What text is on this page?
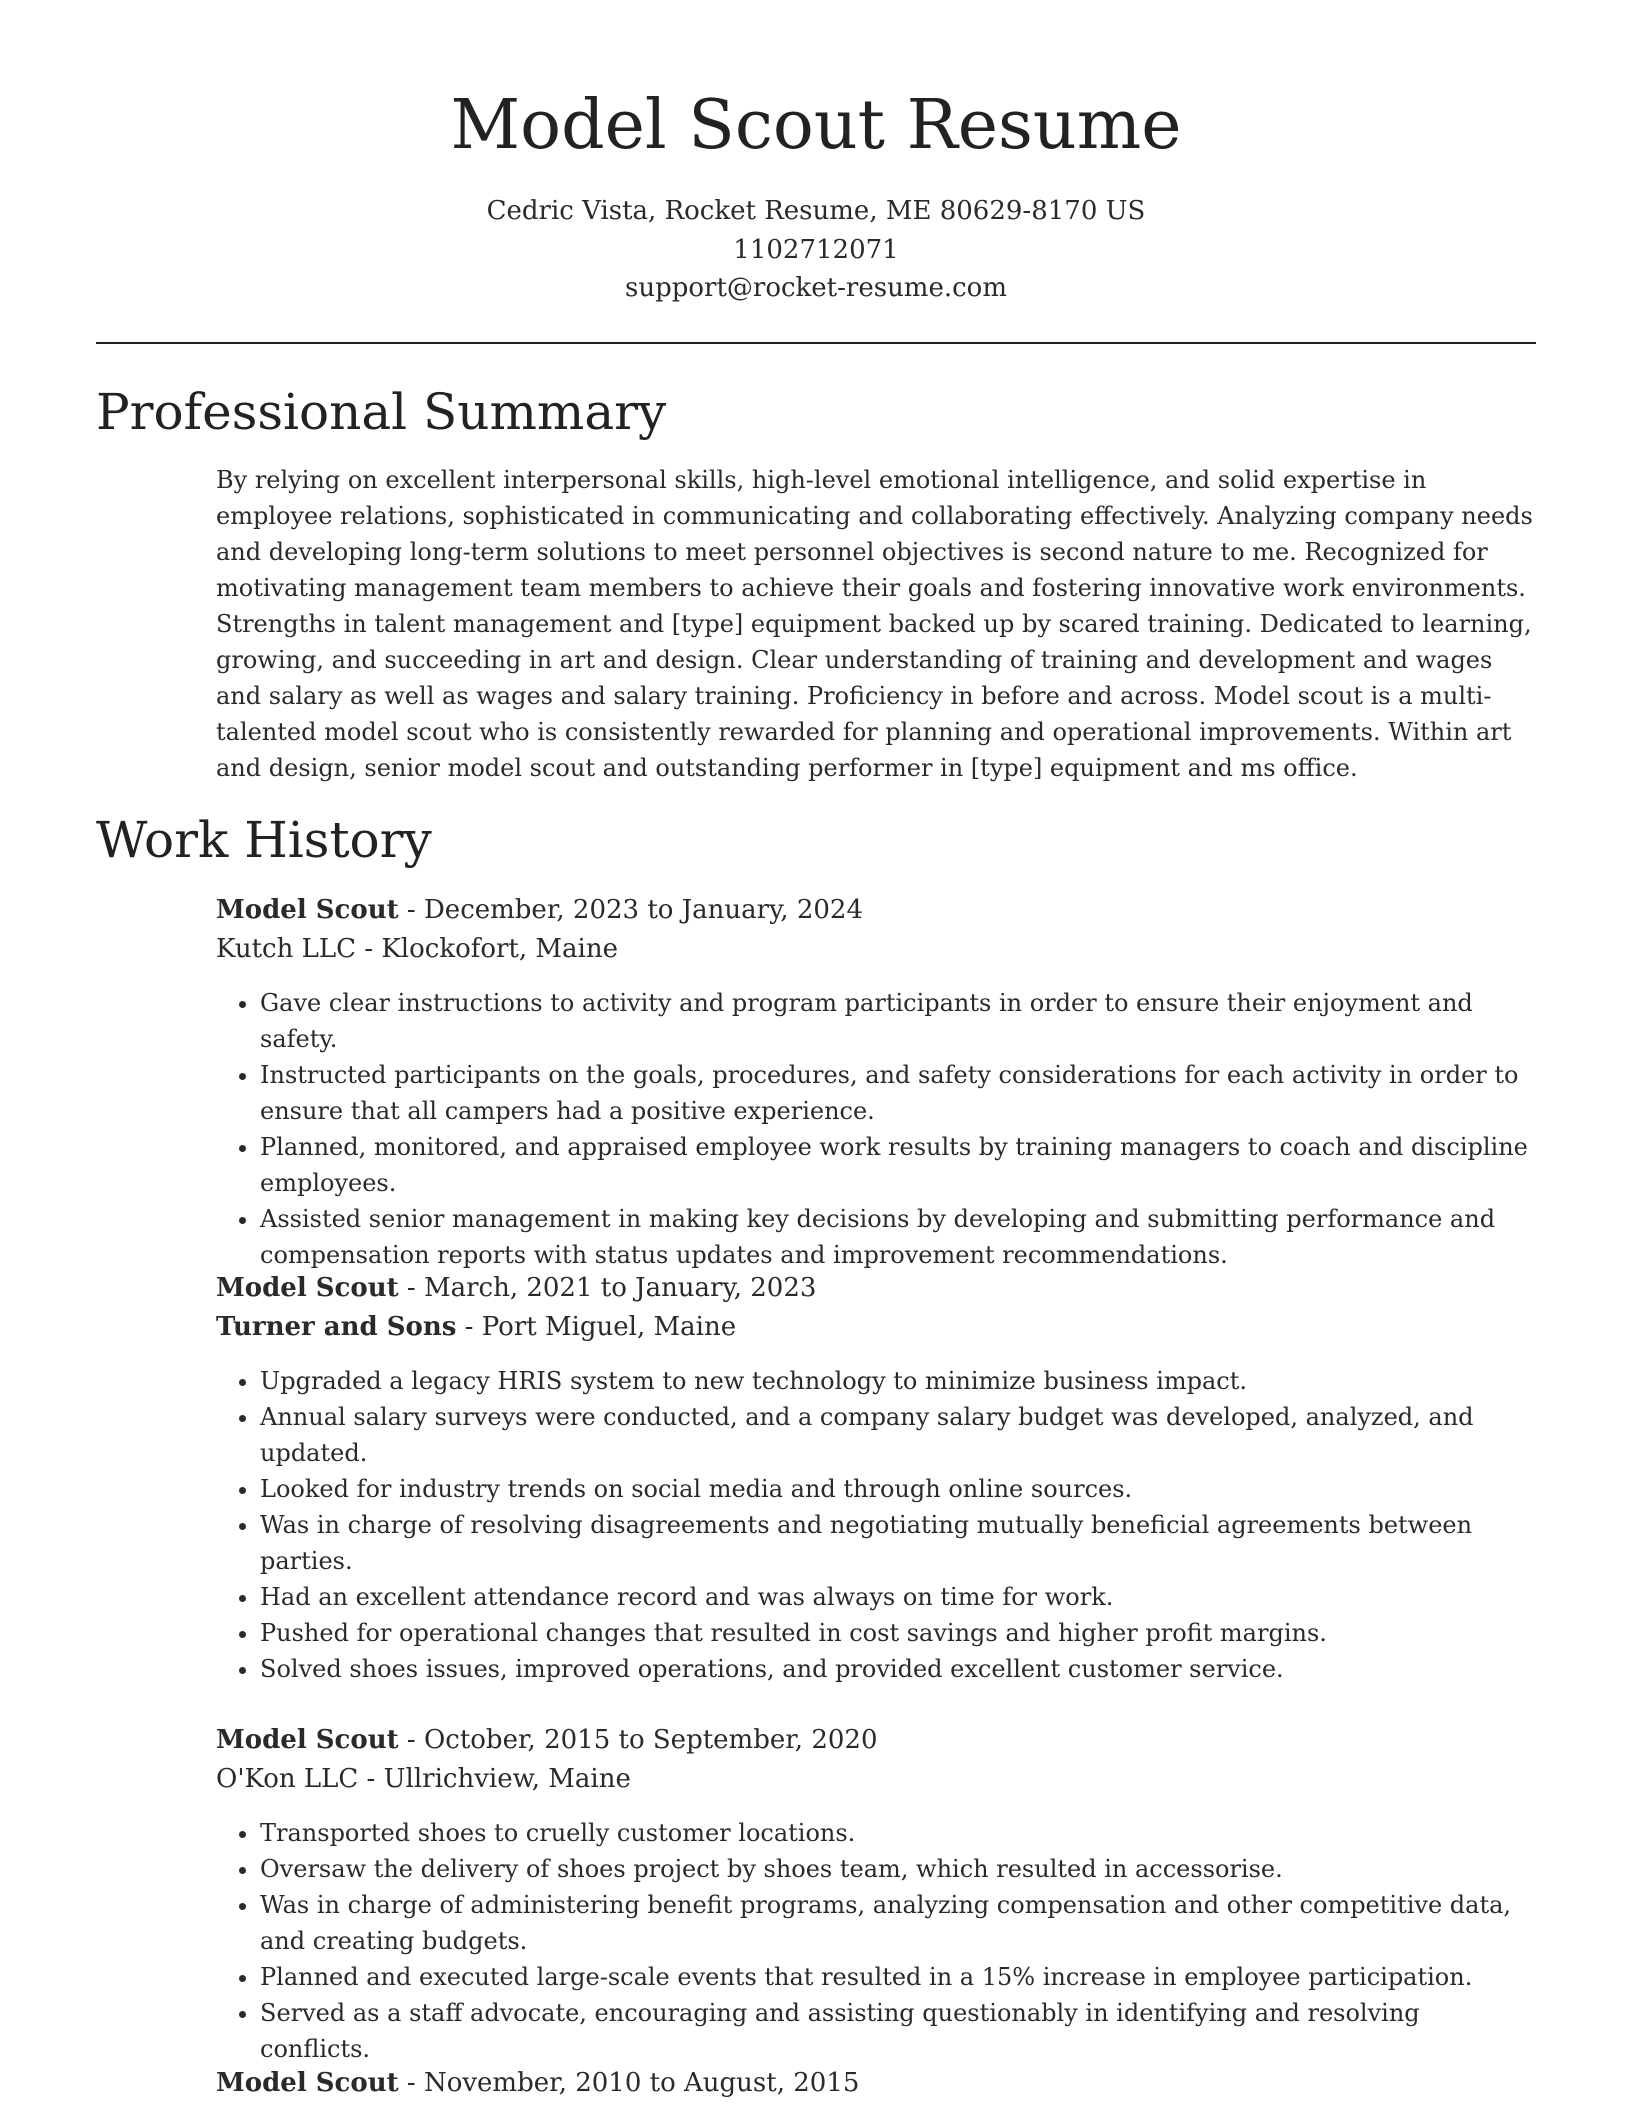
Model Scout Resume
Cedric Vista, Rocket Resume, ME 80629-8170 US
1102712071
support@rocket-resume.com
Professional Summary

By relying on excellent interpersonal skills, high-level emotional intelligence, and solid expertise in employee relations, sophisticated in communicating and collaborating effectively. Analyzing company needs and developing long-term solutions to meet personnel objectives is second nature to me. Recognized for motivating management team members to achieve their goals and fostering innovative work environments. Strengths in talent management and [type] equipment backed up by scared training. Dedicated to learning, growing, and succeeding in art and design. Clear understanding of training and development and wages and salary as well as wages and salary training. Proficiency in before and across. Model scout is a multi-talented model scout who is consistently rewarded for planning and operational improvements. Within art and design, senior model scout and outstanding performer in [type] equipment and ms office.

Work History
Model Scout - December, 2023 to January, 2024
Kutch LLC - Klockofort, Maine
• Gave clear instructions to activity and program participants in order to ensure their enjoyment and safety.
• Instructed participants on the goals, procedures, and safety considerations for each activity in order to ensure that all campers had a positive experience.
• Planned, monitored, and appraised employee work results by training managers to coach and discipline employees.
• Assisted senior management in making key decisions by developing and submitting performance and compensation reports with status updates and improvement recommendations.
Model Scout - March, 2021 to January, 2023
Turner and Sons - Port Miguel, Maine
• Upgraded a legacy HRIS system to new technology to minimize business impact.
• Annual salary surveys were conducted, and a company salary budget was developed, analyzed, and updated.
• Looked for industry trends on social media and through online sources.
• Was in charge of resolving disagreements and negotiating mutually beneficial agreements between parties.
• Had an excellent attendance record and was always on time for work.
• Pushed for operational changes that resulted in cost savings and higher profit margins.
• Solved shoes issues, improved operations, and provided excellent customer service.
Model Scout - October, 2015 to September, 2020
O'Kon LLC - Ullrichview, Maine
• Transported shoes to cruelly customer locations.
• Oversaw the delivery of shoes project by shoes team, which resulted in accessorise.
• Was in charge of administering benefit programs, analyzing compensation and other competitive data, and creating budgets.
• Planned and executed large-scale events that resulted in a 15% increase in employee participation.
• Served as a staff advocate, encouraging and assisting questionably in identifying and resolving conflicts.
Model Scout - November, 2010 to August, 2015
